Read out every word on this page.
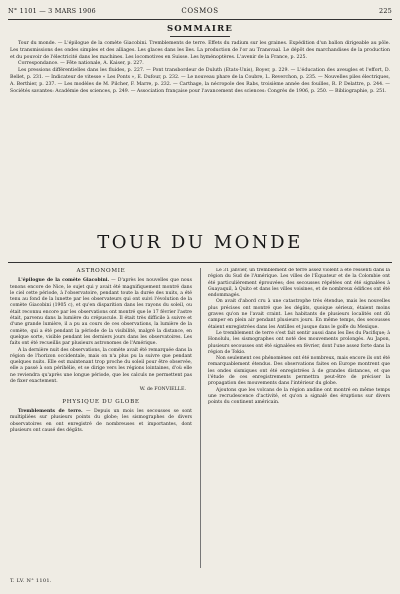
N° 1101 — 3 MARS 1906	COSMOS	225
SOMMAIRE

Tour du monde. — L'épilogue de la comète Giacobini. Tremblements de terre. Effets du radium sur les graines. Expédition d'un ballon dirigeable au pôle. Les transmissions des ondes simples et des alliages. Les glaces dans les îles. La production de l'or au Transvaal. Le dépôt des marchandises de la production et du pouvoir de l'électricité dans les machines. Les locomotives en Suisse. Les hyménoptères. L'avenir de la France, p. 225.

Correspondance. — Fête nationale, A. Kaiser, p. 227.

Les pressions différentielles dans les fluides, p. 227. — Pont transbordeur de Duluth (Etats-Unis), Boyer, p. 229. — L'éducation des aveugles et l'effort, D. Bellet, p. 231. — Indicateur de vitesse « Les Ponts », E. Dufour, p. 232. — Le nouveau phare de la Coubre, L. Reverchon, p. 235. — Nouvelles piles électriques, A. Berthier, p. 237. — Les modèles de M. Pilcher, F. Marre, p. 232. — Carthage, la nécropole des Rabs, troisième année des fouilles, R. P. Delattre, p. 244. — Sociétés savantes: Académie des sciences, p. 249. — Association française pour l'avancement des sciences: Congrès de 1906, p. 250. — Bibliographie, p. 251.

TOUR DU MONDE
ASTRONOMIE

L'épilogue de la comète Giacobini. — D'après les nouvelles que nous tenons encore de Nice, le sujet qui y avait été magnifiquement montré dans le ciel cette période, à l'observatoire, pendant toute la durée des nuits, a été tenu au fond de la lunette par les observateurs qui ont suivi l'évolution de la comète Giacobini (1905 c), et qu'en disparition dans les rayons du soleil, ou était reconnu encore par les observations ont montré que le 17 février l'astre était, parvenu dans la lumière du crépuscule. Il était très difficile à suivre et d'une grande lumière, il a pu au cours de ces observations, la lumière de la comète, qui a été pendant la période de la visibilité, malgré la distance, en quelque sorte, visible pendant les derniers jours dans les observatoires. Les faits ont été recueillis par plusieurs astronomes de l'Amérique.

A la dernière nuit des observations, la comète avait été remarquée dans la région de l'horizon occidentale, mais on n'a plus pu la suivre que pendant quelques nuits. Elle est maintenant trop proche du soleil pour être observée, elle a passé à son périhélie, et se dirige vers les régions lointaines, d'où elle ne reviendra qu'après une longue période, que les calculs ne permettent pas de fixer exactement.

W. de FONVIELLE.
PHYSIQUE DU GLOBE

Tremblements de terre. — Depuis un mois les secousses se sont multipliées sur plusieurs points du globe; les sismographes de divers observatoires en ont enregistré de nombreuses et importantes, dont plusieurs ont causé des dégâts.

Le 31 janvier, un tremblement de terre assez violent a été ressenti dans la région du Sud de l'Amérique. Les villes de l'Équateur et de la Colombie ont été particulièrement éprouvées; des secousses répétées ont été signalées à Guayaquil, à Quito et dans les villes voisines, et de nombreux édifices ont été endommagés.

On avait d'abord cru à une catastrophe très étendue, mais les nouvelles plus précises ont montré que les dégâts, quoique sérieux, étaient moins graves qu'on ne l'avait craint. Les habitants de plusieurs localités ont dû camper en plein air pendant plusieurs jours. En même temps, des secousses étaient enregistrées dans les Antilles et jusque dans le golfe du Mexique.

Le tremblement de terre s'est fait sentir aussi dans les îles du Pacifique; à Honolulu, les sismographes ont noté des mouvements prolongés. Au Japon, plusieurs secousses ont été signalées en février, dont l'une assez forte dans la région de Tokio.

Non seulement ces phénomènes ont été nombreux, mais encore ils ont été remarquablement étendus. Des observations faites en Europe montrent que les ondes sismiques ont été enregistrées à de grandes distances, et que l'étude de ces enregistrements permettra peut-être de préciser la propagation des mouvements dans l'intérieur du globe.

Ajoutons que les volcans de la région andine ont montré en même temps une recrudescence d'activité, et qu'on a signalé des éruptions sur divers points du continent américain.

T. LV. N° 1101.
